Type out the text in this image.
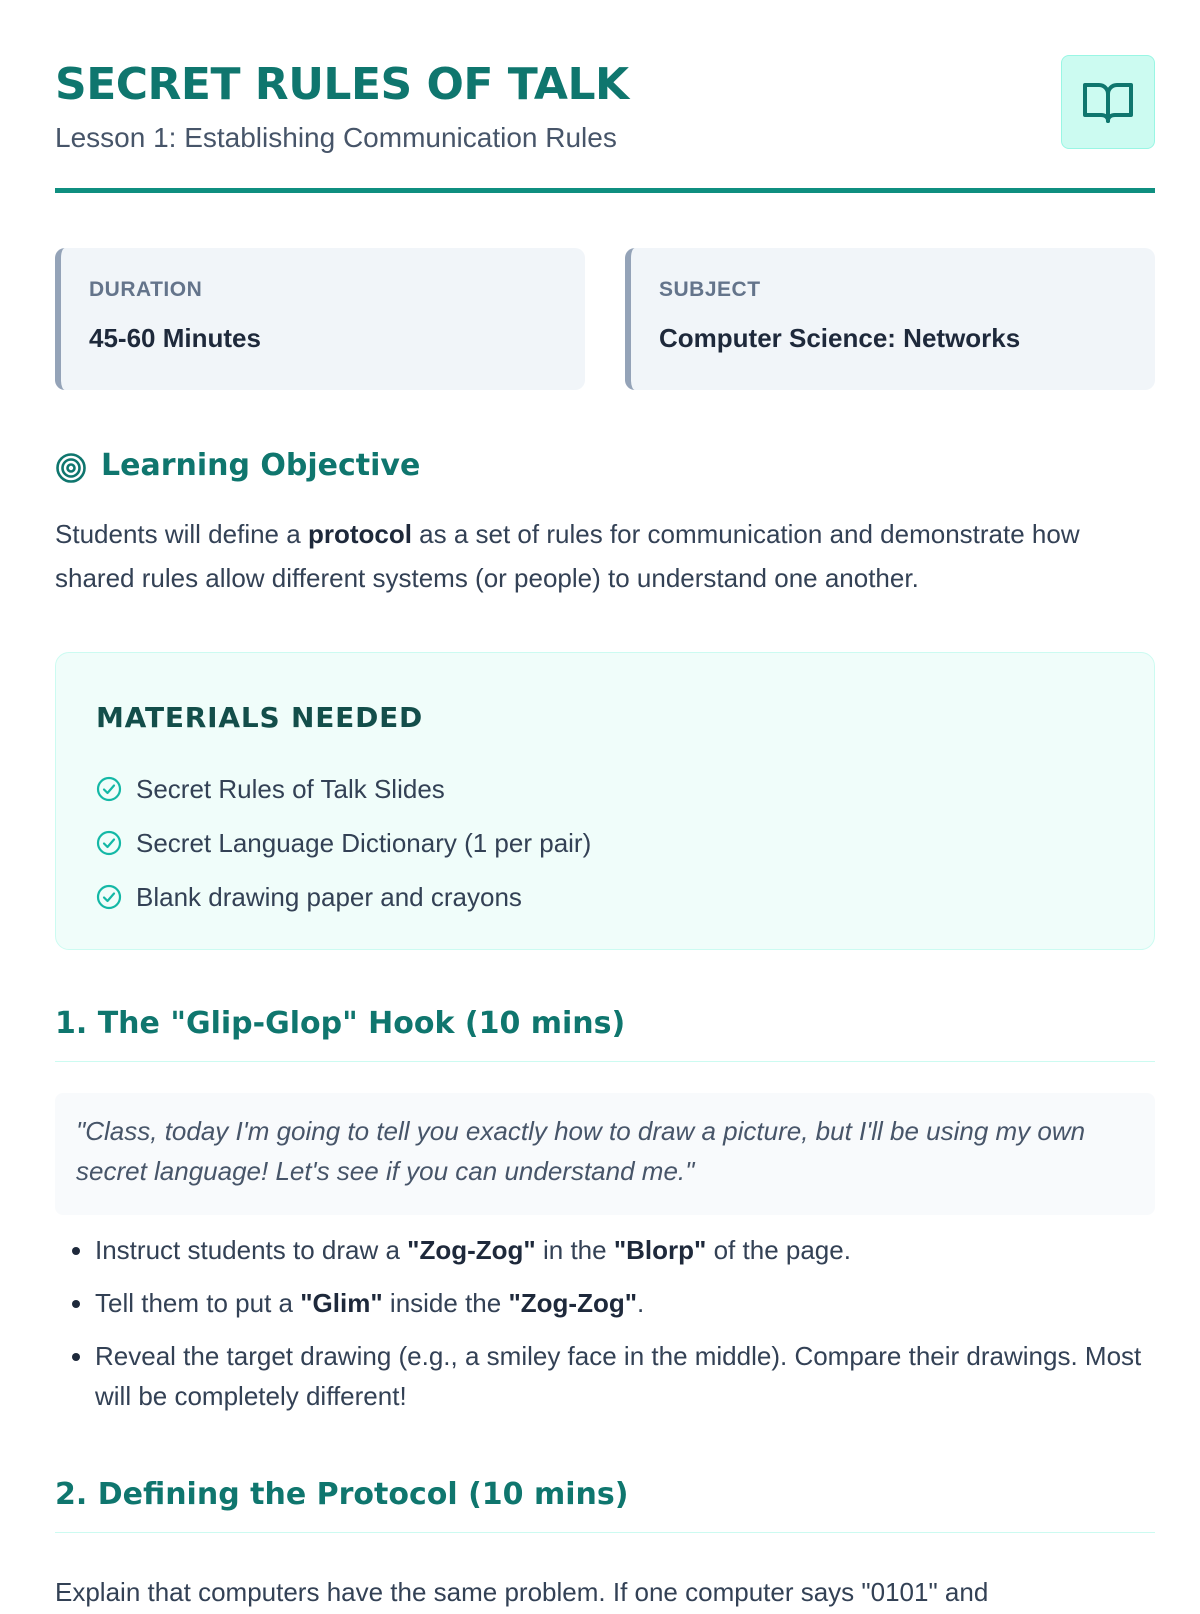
SECRET RULES OF TALK
Lesson 1: Establishing Communication Rules
DURATION
45-60 Minutes
SUBJECT
Computer Science: Networks
Learning Objective

Students will define a protocol as a set of rules for communication and demonstrate how shared rules allow different systems (or people) to understand one another.

MATERIALS NEEDED
Secret Rules of Talk Slides
Secret Language Dictionary (1 per pair)
Blank drawing paper and crayons
1. The "Glip-Glop" Hook (10 mins)

"Class, today I'm going to tell you exactly how to draw a picture, but I'll be using my own secret language! Let's see if you can understand me."

• Instruct students to draw a "Zog-Zog" in the "Blorp" of the page.
• Tell them to put a "Glim" inside the "Zog-Zog".
• Reveal the target drawing (e.g., a smiley face in the middle). Compare their drawings. Most will be completely different!
2. Defining the Protocol (10 mins)

Explain that computers have the same problem. If one computer says "0101" and
